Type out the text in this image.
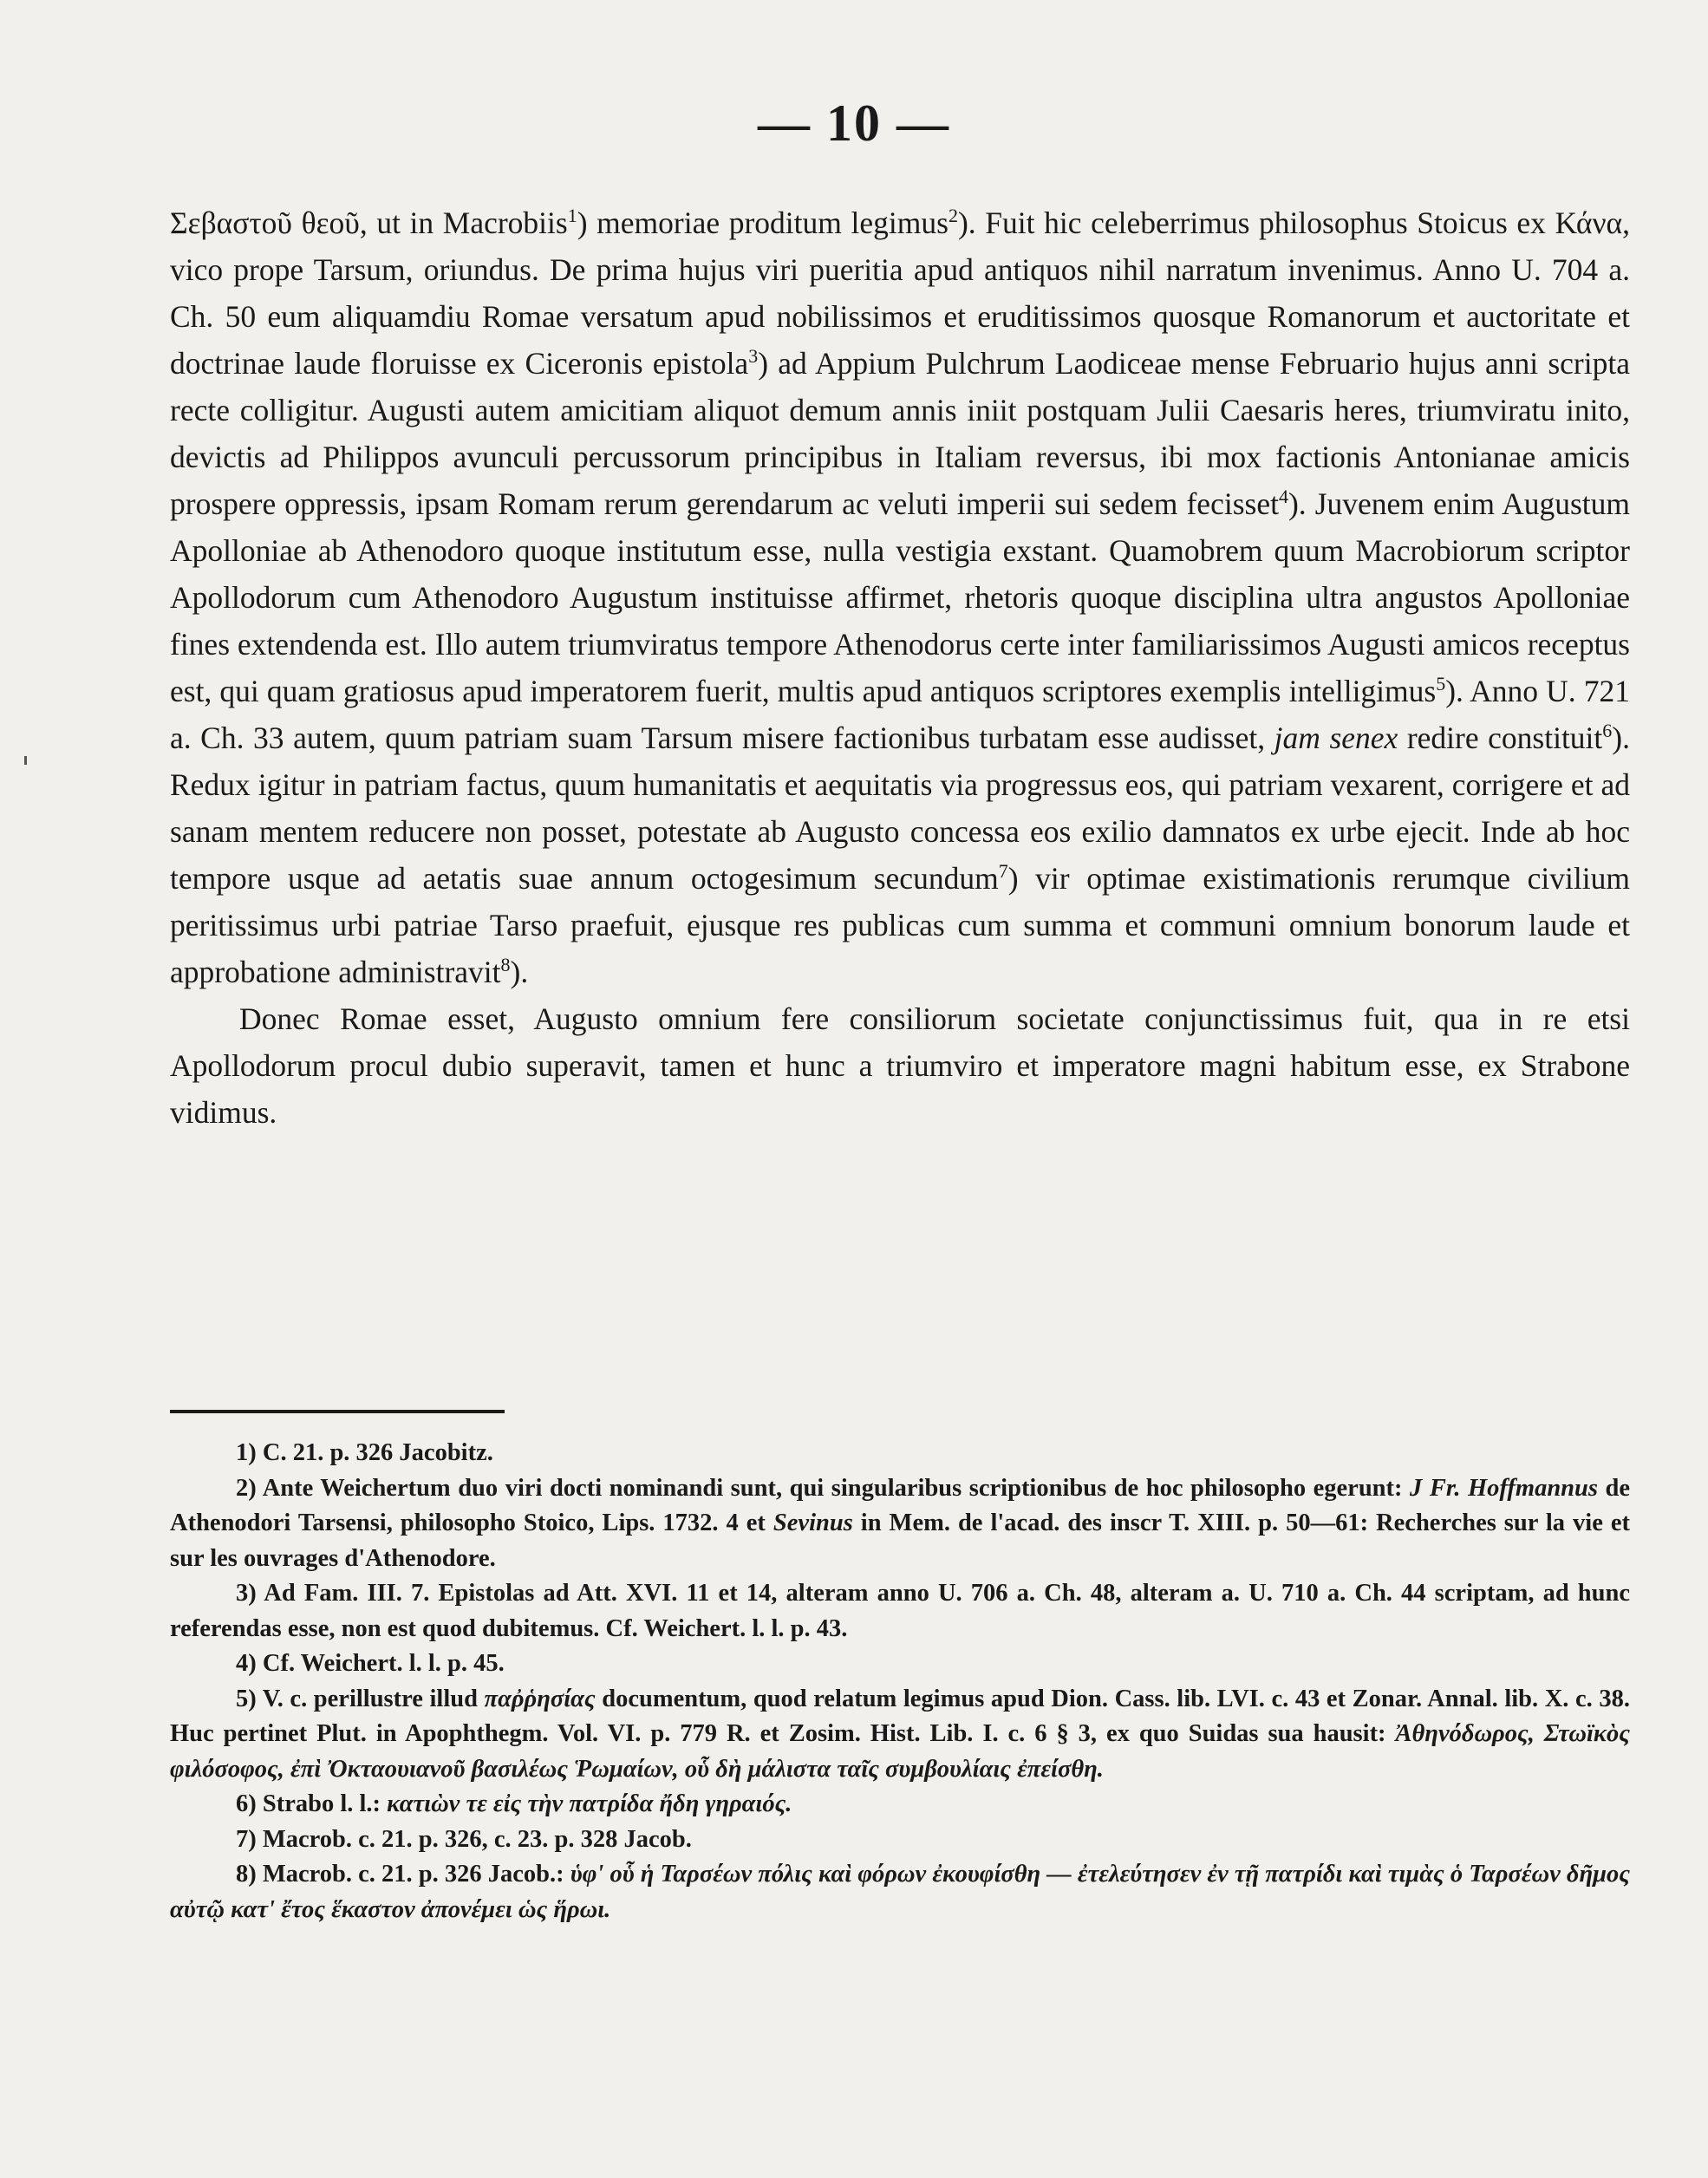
— 10 —

Σεβαστοῦ θεοῦ, ut in Macrobiis$^1$) memoriae proditum legimus$^2$). Fuit hic celeberrimus philosophus Stoicus ex Κάνα, vico prope Tarsum, oriundus. De prima hujus viri pueritia apud antiquos nihil narratum invenimus. Anno U. 704 a. Ch. 50 eum aliquamdiu Romae versatum apud nobilissimos et eruditissimos quosque Romanorum et auctoritate et doctrinae laude floruisse ex Ciceronis epistola$^3$) ad Appium Pulchrum Laodiceae mense Februario hujus anni scripta recte colligitur. Augusti autem amicitiam aliquot demum annis iniit postquam Julii Caesaris heres, triumviratu inito, devictis ad Philippos avunculi percussorum principibus in Italiam reversus, ibi mox factionis Antonianae amicis prospere oppressis, ipsam Romam rerum gerendarum ac veluti imperii sui sedem fecisset$^4$). Juvenem enim Augustum Apolloniae ab Athenodoro quoque institutum esse, nulla vestigia exstant. Quamobrem quum Macrobiorum scriptor Apollodorum cum Athenodoro Augustum instituisse affirmet, rhetoris quoque disciplina ultra angustos Apolloniae fines extendenda est. Illo autem triumviratus tempore Athenodorus certe inter familiarissimos Augusti amicos receptus est, qui quam gratiosus apud imperatorem fuerit, multis apud antiquos scriptores exemplis intelligimus$^5$). Anno U. 721 a. Ch. 33 autem, quum patriam suam Tarsum misere factionibus turbatam esse audisset, jam senex redire constituit$^6$). Redux igitur in patriam factus, quum humanitatis et aequitatis via progressus eos, qui patriam vexarent, corrigere et ad sanam mentem reducere non posset, potestate ab Augusto concessa eos exilio damnatos ex urbe ejecit. Inde ab hoc tempore usque ad aetatis suae annum octogesimum secundum$^7$) vir optimae existimationis rerumque civilium peritissimus urbi patriae Tarso praefuit, ejusque res publicas cum summa et communi omnium bonorum laude et approbatione administravit$^8$).

Donec Romae esset, Augusto omnium fere consiliorum societate conjunctissimus fuit, qua in re etsi Apollodorum procul dubio superavit, tamen et hunc a triumviro et imperatore magni habitum esse, ex Strabone vidimus.

1) C. 21. p. 326 Jacobitz.

2) Ante Weichertum duo viri docti nominandi sunt, qui singularibus scriptionibus de hoc philosopho egerunt: J Fr. Hoffmannus de Athenodori Tarsensi, philosopho Stoico, Lips. 1732. 4 et Sevinus in Mem. de l'acad. des inscr T. XIII. p. 50—61: Recherches sur la vie et sur les ouvrages d'Athenodore.

3) Ad Fam. III. 7. Epistolas ad Att. XVI. 11 et 14, alteram anno U. 706 a. Ch. 48, alteram a. U. 710 a. Ch. 44 scriptam, ad hunc referendas esse, non est quod dubitemus. Cf. Weichert. l. l. p. 43.

4) Cf. Weichert. l. l. p. 45.

5) V. c. perillustre illud παῤῥησίας documentum, quod relatum legimus apud Dion. Cass. lib. LVI. c. 43 et Zonar. Annal. lib. X. c. 38. Huc pertinet Plut. in Apophthegm. Vol. VI. p. 779 R. et Zosim. Hist. Lib. I. c. 6 § 3, ex quo Suidas sua hausit: Ἀθηνόδωρος, Στωϊκὸς φιλόσοφος, ἐπὶ Ὀκταουιανοῦ βασιλέως Ῥωμαίων, οὗ δὴ μάλιστα ταῖς συμβουλίαις ἐπείσθη.

6) Strabo l. l.: κατιὼν τε εἰς τὴν πατρίδα ἤδη γηραιός.

7) Macrob. c. 21. p. 326, c. 23. p. 328 Jacob.

8) Macrob. c. 21. p. 326 Jacob.: ὑφ' οὗ ἡ Ταρσέων πόλις καὶ φόρων ἐκουφίσθη — ἐτελεύτησεν ἐν τῇ πατρίδι καὶ τιμὰς ὁ Ταρσέων δῆμος αὐτῷ κατ' ἔτος ἕκαστον ἀπονέμει ὡς ἥρωι.
